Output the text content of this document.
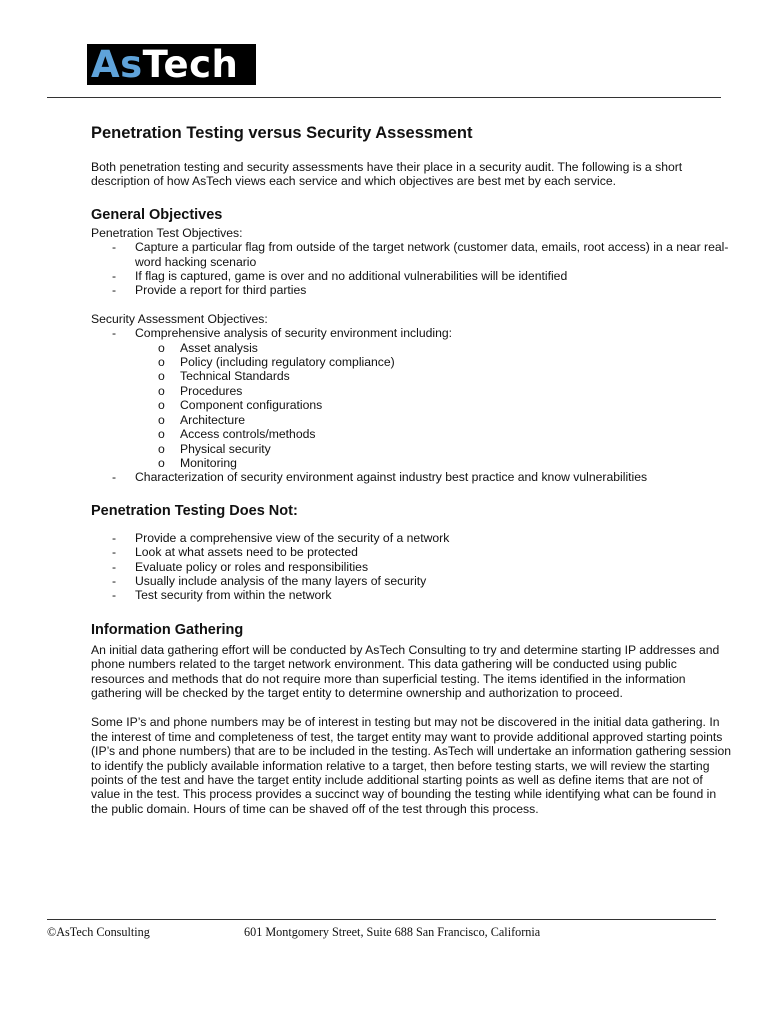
AsTech
Penetration Testing versus Security Assessment

Both penetration testing and security assessments have their place in a security audit. The following is a short description of how AsTech views each service and which objectives are best met by each service.

General Objectives
Penetration Test Objectives:
- Capture a particular flag from outside of the target network (customer data, emails, root access) in a near real-word hacking scenario
- If flag is captured, game is over and no additional vulnerabilities will be identified
- Provide a report for third parties
Security Assessment Objectives:
- Comprehensive analysis of security environment including:
o Asset analysis
o Policy (including regulatory compliance)
o Technical Standards
o Procedures
o Component configurations
o Architecture
o Access controls/methods
o Physical security
o Monitoring
- Characterization of security environment against industry best practice and know vulnerabilities
Penetration Testing Does Not:
- Provide a comprehensive view of the security of a network
- Look at what assets need to be protected
- Evaluate policy or roles and responsibilities
- Usually include analysis of the many layers of security
- Test security from within the network
Information Gathering

An initial data gathering effort will be conducted by AsTech Consulting to try and determine starting IP addresses and phone numbers related to the target network environment. This data gathering will be conducted using public resources and methods that do not require more than superficial testing. The items identified in the information gathering will be checked by the target entity to determine ownership and authorization to proceed.

Some IP’s and phone numbers may be of interest in testing but may not be discovered in the initial data gathering. In the interest of time and completeness of test, the target entity may want to provide additional approved starting points (IP’s and phone numbers) that are to be included in the testing. AsTech will undertake an information gathering session to identify the publicly available information relative to a target, then before testing starts, we will review the starting points of the test and have the target entity include additional starting points as well as define items that are not of value in the test. This process provides a succinct way of bounding the testing while identifying what can be found in the public domain. Hours of time can be shaved off of the test through this process.

©AsTech Consulting	601 Montgomery Street, Suite 688 San Francisco, California
